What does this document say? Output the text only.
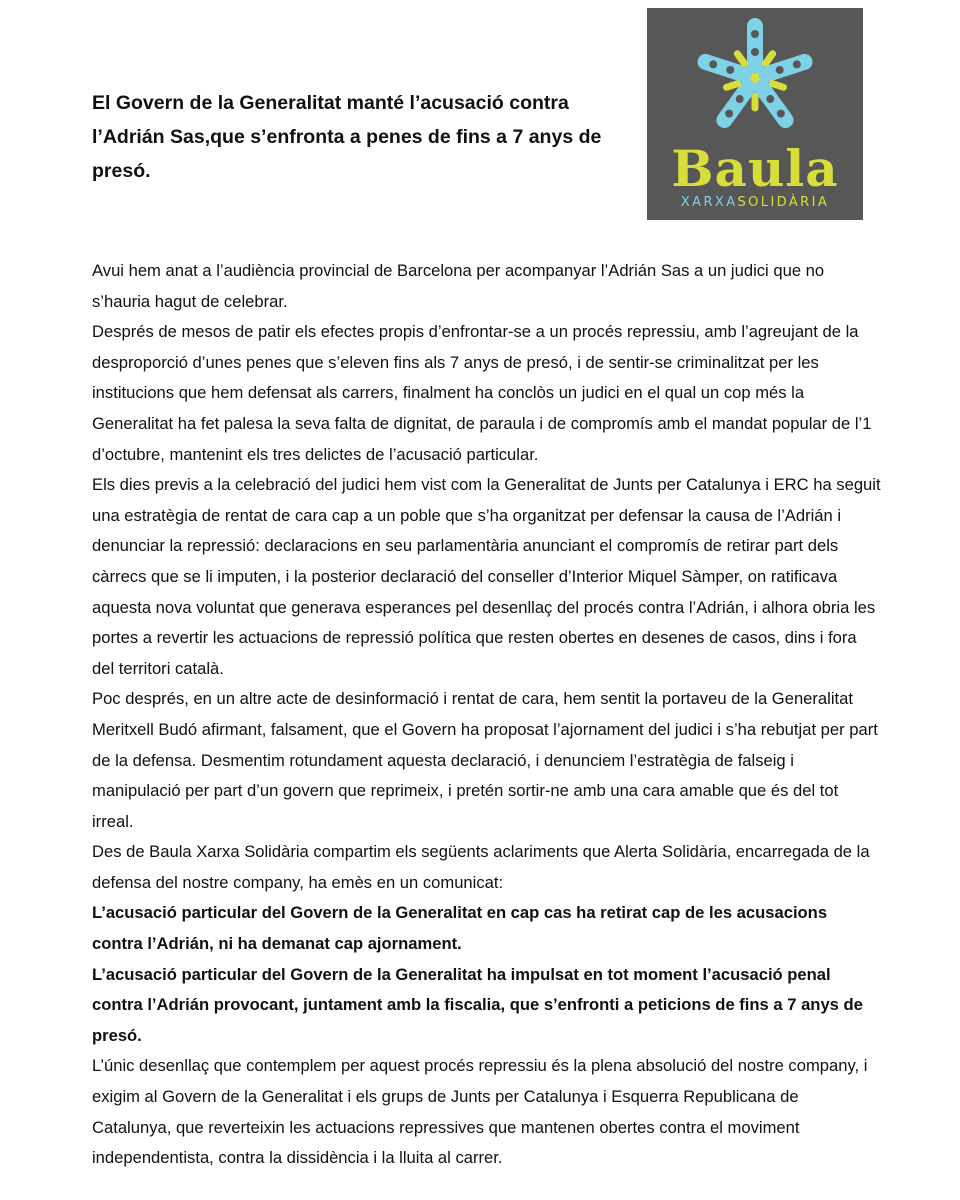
El Govern de la Generalitat manté l’acusació contra l’Adrián Sas,que s’enfronta a penes de fins a 7 anys de presó.	Baula
XARXASOLIDÀRIA

Avui hem anat a l’audiència provincial de Barcelona per acompanyar l’Adrián Sas a un judici que no s’hauria hagut de celebrar.

Després de mesos de patir els efectes propis d’enfrontar-se a un procés repressiu, amb l’agreujant de la desproporció d’unes penes que s’eleven fins als 7 anys de presó, i de sentir-se criminalitzat per les institucions que hem defensat als carrers, finalment ha conclòs un judici en el qual un cop més la Generalitat ha fet palesa la seva falta de dignitat, de paraula i de compromís amb el mandat popular de l’1 d’octubre, mantenint els tres delictes de l’acusació particular.

Els dies previs a la celebració del judici hem vist com la Generalitat de Junts per Catalunya i ERC ha seguit una estratègia de rentat de cara cap a un poble que s’ha organitzat per defensar la causa de l’Adrián i denunciar la repressió: declaracions en seu parlamentària anunciant el compromís de retirar part dels càrrecs que se li imputen, i la posterior declaració del conseller d’Interior Miquel Sàmper, on ratificava aquesta nova voluntat que generava esperances pel desenllaç del procés contra l’Adrián, i alhora obria les portes a revertir les actuacions de repressió política que resten obertes en desenes de casos, dins i fora del territori català.

Poc després, en un altre acte de desinformació i rentat de cara, hem sentit la portaveu de la Generalitat Meritxell Budó afirmant, falsament, que el Govern ha proposat l’ajornament del judici i s’ha rebutjat per part de la defensa. Desmentim rotundament aquesta declaració, i denunciem l’estratègia de falseig i manipulació per part d’un govern que reprimeix, i pretén sortir-ne amb una cara amable que és del tot irreal.

Des de Baula Xarxa Solidària compartim els següents aclariments que Alerta Solidària, encarregada de la defensa del nostre company, ha emès en un comunicat:

L’acusació particular del Govern de la Generalitat en cap cas ha retirat cap de les acusacions contra l’Adrián, ni ha demanat cap ajornament.

L’acusació particular del Govern de la Generalitat ha impulsat en tot moment l’acusació penal contra l’Adrián provocant, juntament amb la fiscalia, que s’enfronti a peticions de fins a 7 anys de presó.

L’únic desenllaç que contemplem per aquest procés repressiu és la plena absolució del nostre company, i exigim al Govern de la Generalitat i els grups de Junts per Catalunya i Esquerra Republicana de Catalunya, que reverteixin les actuacions repressives que mantenen obertes contra el moviment independentista, contra la dissidència i la lluita al carrer.
